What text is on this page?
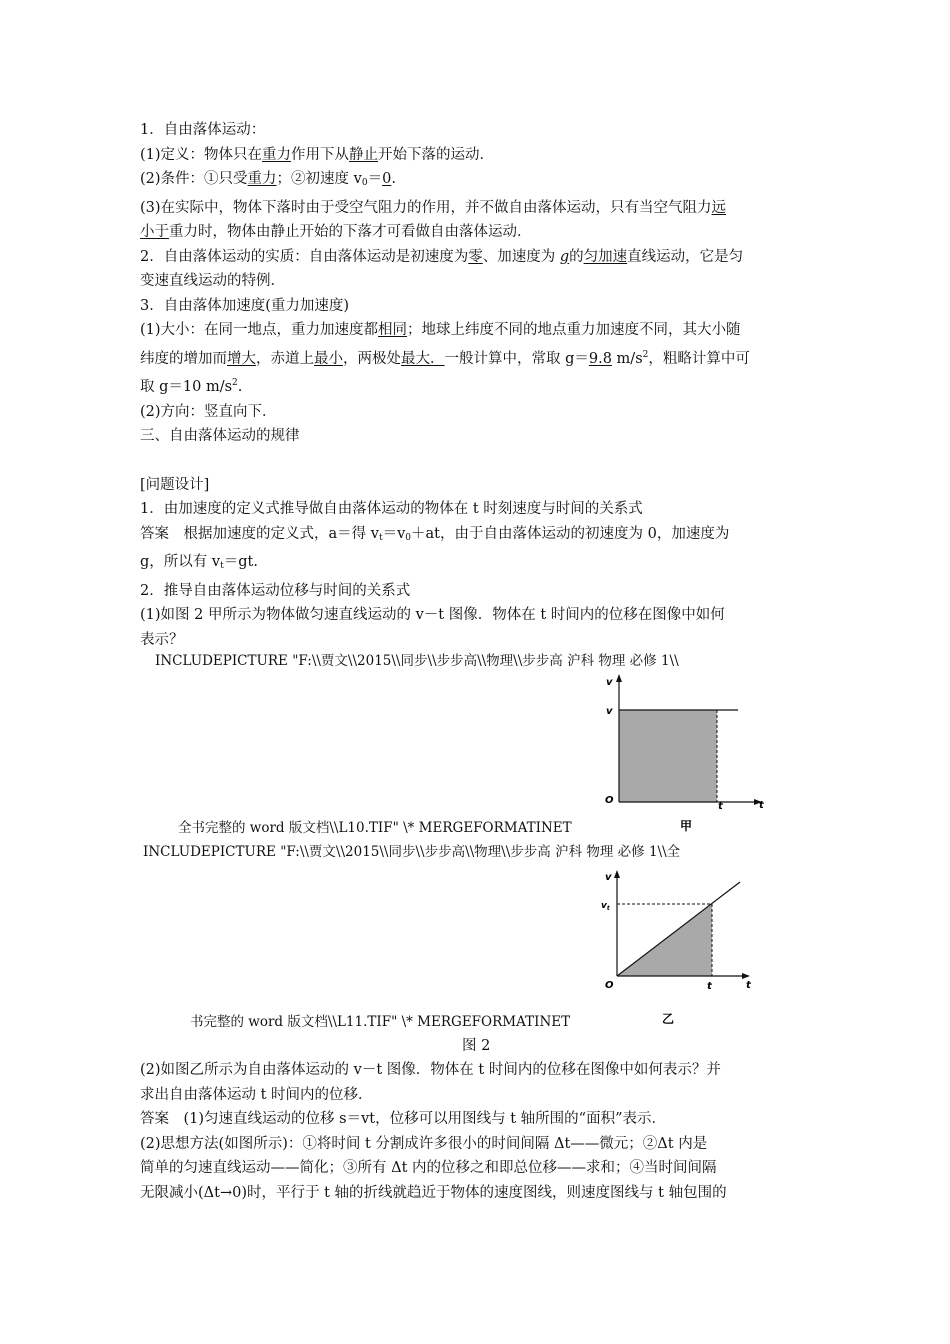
1．自由落体运动：
(1)定义：物体只在重力作用下从静止开始下落的运动．
(2)条件：①只受重力；②初速度 $v_0=0$.
(3)在实际中，物体下落时由于受空气阻力的作用，并不做自由落体运动，只有当空气阻力远
小于重力时，物体由静止开始的下落才可看做自由落体运动．
2．自由落体运动的实质：自由落体运动是初速度为零、加速度为 g的匀加速直线运动，它是匀
变速直线运动的特例．
3．自由落体加速度(重力加速度)
(1)大小：在同一地点，重力加速度都相同；地球上纬度不同的地点重力加速度不同，其大小随
纬度的增加而增大，赤道上最小，两极处最大．一般计算中，常取 g＝9.8 $m/s^2$，粗略计算中可
取 g＝10 $m/s^2$.
(2)方向：竖直向下．
三、自由落体运动的规律
[问题设计]
1．由加速度的定义式推导做自由落体运动的物体在 t 时刻速度与时间的关系式
答案　根据加速度的定义式，a＝得 $v_t=v_0+at$，由于自由落体运动的初速度为 0，加速度为
g，所以有 $v_t=gt$.
2．推导自由落体运动位移与时间的关系式
(1)如图 2 甲所示为物体做匀速直线运动的 v－t 图像．物体在 t 时间内的位移在图像中如何
表示？
INCLUDEPICTURE "F:\\贾文\\2015\\同步\\步步高\\物理\\步步高 沪科 物理 必修 1\\
全书完整的 word 版文档\\L10.TIF" \* MERGEFORMATINET
INCLUDEPICTURE "F:\\贾文\\2015\\同步\\步步高\\物理\\步步高 沪科 物理 必修 1\\全
书完整的 word 版文档\\L11.TIF" \* MERGEFORMATINET
v
v
O
t	t
甲
v
$v_t$
O	t	t
乙
图 2
(2)如图乙所示为自由落体运动的 v－t 图像．物体在 t 时间内的位移在图像中如何表示？并
求出自由落体运动 t 时间内的位移．
答案　(1)匀速直线运动的位移 s＝vt，位移可以用图线与 t 轴所围的“面积”表示．
(2)思想方法(如图所示)：①将时间 t 分割成许多很小的时间间隔 Δt——微元；②Δt 内是
简单的匀速直线运动——简化；③所有 Δt 内的位移之和即总位移——求和；④当时间间隔
无限减小(Δt→0)时，平行于 t 轴的折线就趋近于物体的速度图线，则速度图线与 t 轴包围的
